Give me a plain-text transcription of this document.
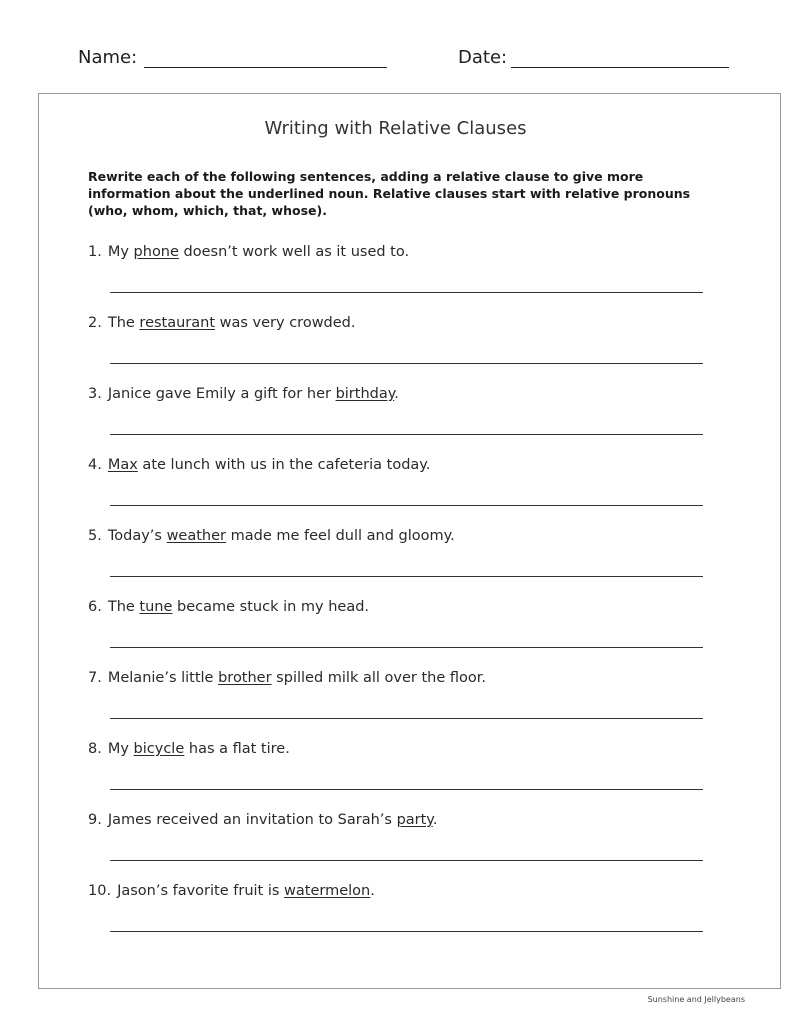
Name:	Date:
Writing with Relative Clauses
Rewrite each of the following sentences, adding a relative clause to give more information about the underlined noun. Relative clauses start with relative pronouns (who, whom, which, that, whose).
1. My phone doesn’t work well as it used to.
2. The restaurant was very crowded.
3. Janice gave Emily a gift for her birthday.
4. Max ate lunch with us in the cafeteria today.
5. Today’s weather made me feel dull and gloomy.
6. The tune became stuck in my head.
7. Melanie’s little brother spilled milk all over the floor.
8. My bicycle has a flat tire.
9. James received an invitation to Sarah’s party.
10. Jason’s favorite fruit is watermelon.
Sunshine and Jellybeans
